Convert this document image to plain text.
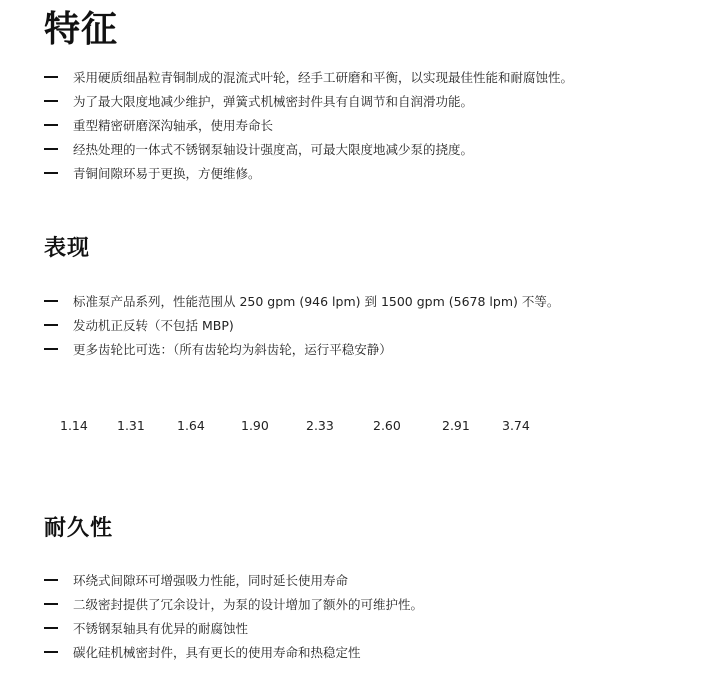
特征
采用硬质细晶粒青铜制成的混流式叶轮，经手工研磨和平衡，以实现最佳性能和耐腐蚀性。
为了最大限度地减少维护，弹簧式机械密封件具有自调节和自润滑功能。
重型精密研磨深沟轴承，使用寿命长
经热处理的一体式不锈钢泵轴设计强度高，可最大限度地减少泵的挠度。
青铜间隙环易于更换，方便维修。
表现
标准泵产品系列，性能范围从 250 gpm (946 lpm) 到 1500 gpm (5678 lpm) 不等。
发动机正反转（不包括 MBP)
更多齿轮比可选：（所有齿轮均为斜齿轮，运行平稳安静）
1.14 1.31	1.64	1.90	2.33	2.60	2.91	3.74
耐久性
环绕式间隙环可增强吸力性能，同时延长使用寿命
二级密封提供了冗余设计，为泵的设计增加了额外的可维护性。
不锈钢泵轴具有优异的耐腐蚀性
碳化硅机械密封件，具有更长的使用寿命和热稳定性
